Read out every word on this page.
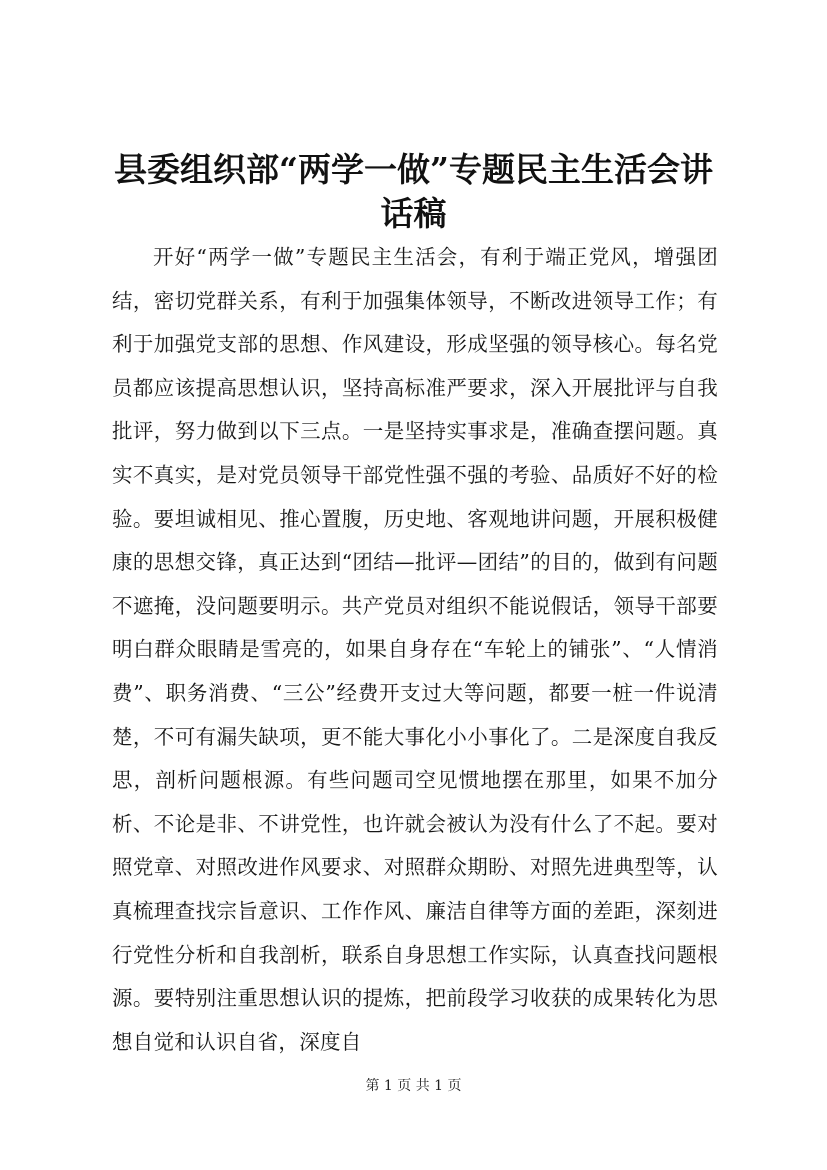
县委组织部“两学一做”专题民主生活会讲话稿

开好“两学一做”专题民主生活会，有利于端正党风，增强团结，密切党群关系，有利于加强集体领导，不断改进领导工作；有利于加强党支部的思想、作风建设，形成坚强的领导核心。每名党员都应该提高思想认识，坚持高标准严要求，深入开展批评与自我批评，努力做到以下三点。一是坚持实事求是，准确查摆问题。真实不真实，是对党员领导干部党性强不强的考验、品质好不好的检验。要坦诚相见、推心置腹，历史地、客观地讲问题，开展积极健康的思想交锋，真正达到“团结—批评—团结”的目的，做到有问题不遮掩，没问题要明示。共产党员对组织不能说假话，领导干部要明白群众眼睛是雪亮的，如果自身存在“车轮上的铺张”、“人情消费”、职务消费、“三公”经费开支过大等问题，都要一桩一件说清楚，不可有漏失缺项，更不能大事化小小事化了。二是深度自我反思，剖析问题根源。有些问题司空见惯地摆在那里，如果不加分析、不论是非、不讲党性，也许就会被认为没有什么了不起。要对照党章、对照改进作风要求、对照群众期盼、对照先进典型等，认真梳理查找宗旨意识、工作作风、廉洁自律等方面的差距，深刻进行党性分析和自我剖析，联系自身思想工作实际，认真查找问题根源。要特别注重思想认识的提炼，把前段学习收获的成果转化为思想自觉和认识自省，深度自

第 1 页 共 1 页
